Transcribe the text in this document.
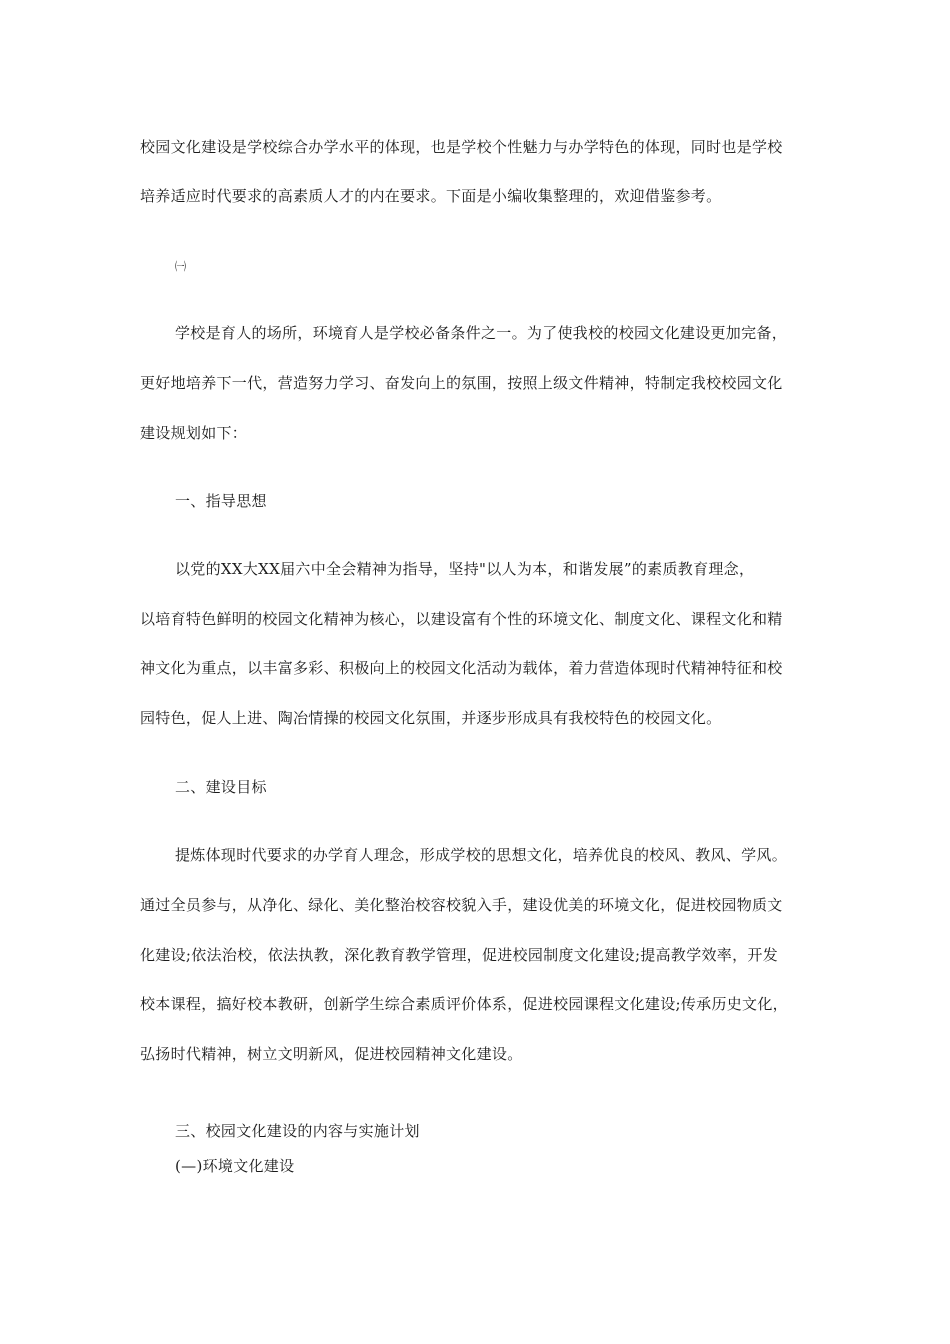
校园文化建设是学校综合办学水平的体现，也是学校个性魅力与办学特色的体现，同时也是学校
培养适应时代要求的高素质人才的内在要求。下面是小编收集整理的，欢迎借鉴参考。
㈠
学校是育人的场所，环境育人是学校必备条件之一。为了使我校的校园文化建设更加完备，
更好地培养下一代，营造努力学习、奋发向上的氛围，按照上级文件精神，特制定我校校园文化
建设规划如下：
一、指导思想
以党的XX大XX届六中全会精神为指导，坚持"以人为本，和谐发展”的素质教育理念，
以培育特色鲜明的校园文化精神为核心，以建设富有个性的环境文化、制度文化、课程文化和精
神文化为重点，以丰富多彩、积极向上的校园文化活动为载体，着力营造体现时代精神特征和校
园特色，促人上进、陶冶情操的校园文化氛围，并逐步形成具有我校特色的校园文化。
二、建设目标
提炼体现时代要求的办学育人理念，形成学校的思想文化，培养优良的校风、教风、学风。
通过全员参与，从净化、绿化、美化整治校容校貌入手，建设优美的环境文化，促进校园物质文
化建设;依法治校，依法执教，深化教育教学管理，促进校园制度文化建设;提高教学效率，开发
校本课程，搞好校本教研，创新学生综合素质评价体系，促进校园课程文化建设;传承历史文化，
弘扬时代精神，树立文明新风，促进校园精神文化建设。
三、校园文化建设的内容与实施计划
(—)环境文化建设
